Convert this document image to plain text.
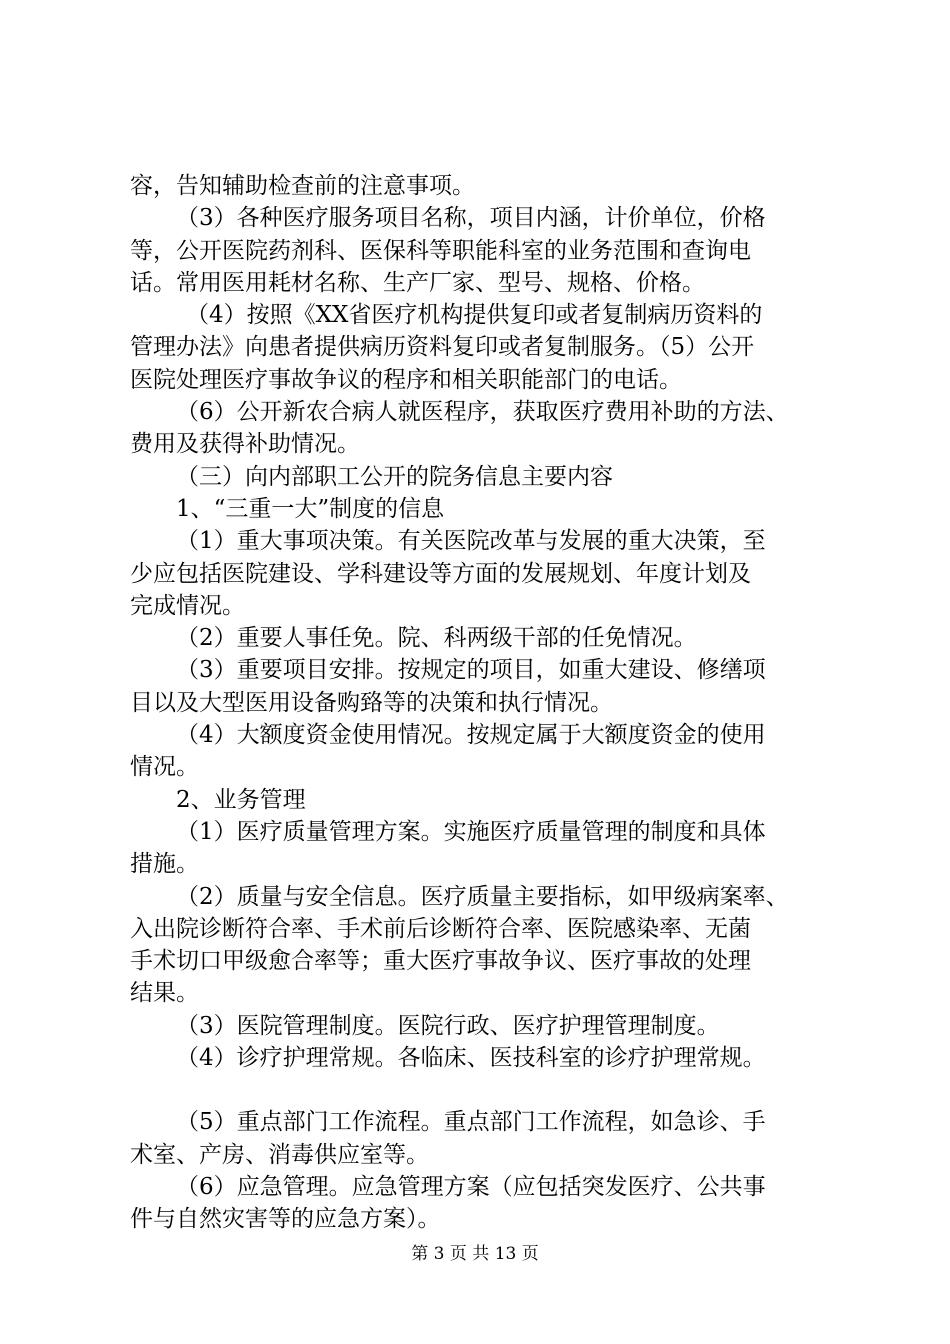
容，告知辅助检查前的注意事项。
（3）各种医疗服务项目名称，项目内涵，计价单位，价格
等，公开医院药剂科、医保科等职能科室的业务范围和查询电
话。常用医用耗材名称、生产厂家、型号、规格、价格。
（4）按照《XX省医疗机构提供复印或者复制病历资料的
管理办法》向患者提供病历资料复印或者复制服务。（5）公开
医院处理医疗事故争议的程序和相关职能部门的电话。
（6）公开新农合病人就医程序，获取医疗费用补助的方法、
费用及获得补助情况。
（三）向内部职工公开的院务信息主要内容
1、“三重一大”制度的信息
（1）重大事项决策。有关医院改革与发展的重大决策，至
少应包括医院建设、学科建设等方面的发展规划、年度计划及
完成情况。
（2）重要人事任免。院、科两级干部的任免情况。
（3）重要项目安排。按规定的项目，如重大建设、修缮项
目以及大型医用设备购臵等的决策和执行情况。
（4）大额度资金使用情况。按规定属于大额度资金的使用
情况。
2、业务管理
（1）医疗质量管理方案。实施医疗质量管理的制度和具体
措施。
（2）质量与安全信息。医疗质量主要指标，如甲级病案率、
入出院诊断符合率、手术前后诊断符合率、医院感染率、无菌
手术切口甲级愈合率等；重大医疗事故争议、医疗事故的处理
结果。
（3）医院管理制度。医院行政、医疗护理管理制度。
（4）诊疗护理常规。各临床、医技科室的诊疗护理常规。
（5）重点部门工作流程。重点部门工作流程，如急诊、手
术室、产房、消毒供应室等。
（6）应急管理。应急管理方案（应包括突发医疗、公共事
件与自然灾害等的应急方案）。
第 3 页 共 13 页
